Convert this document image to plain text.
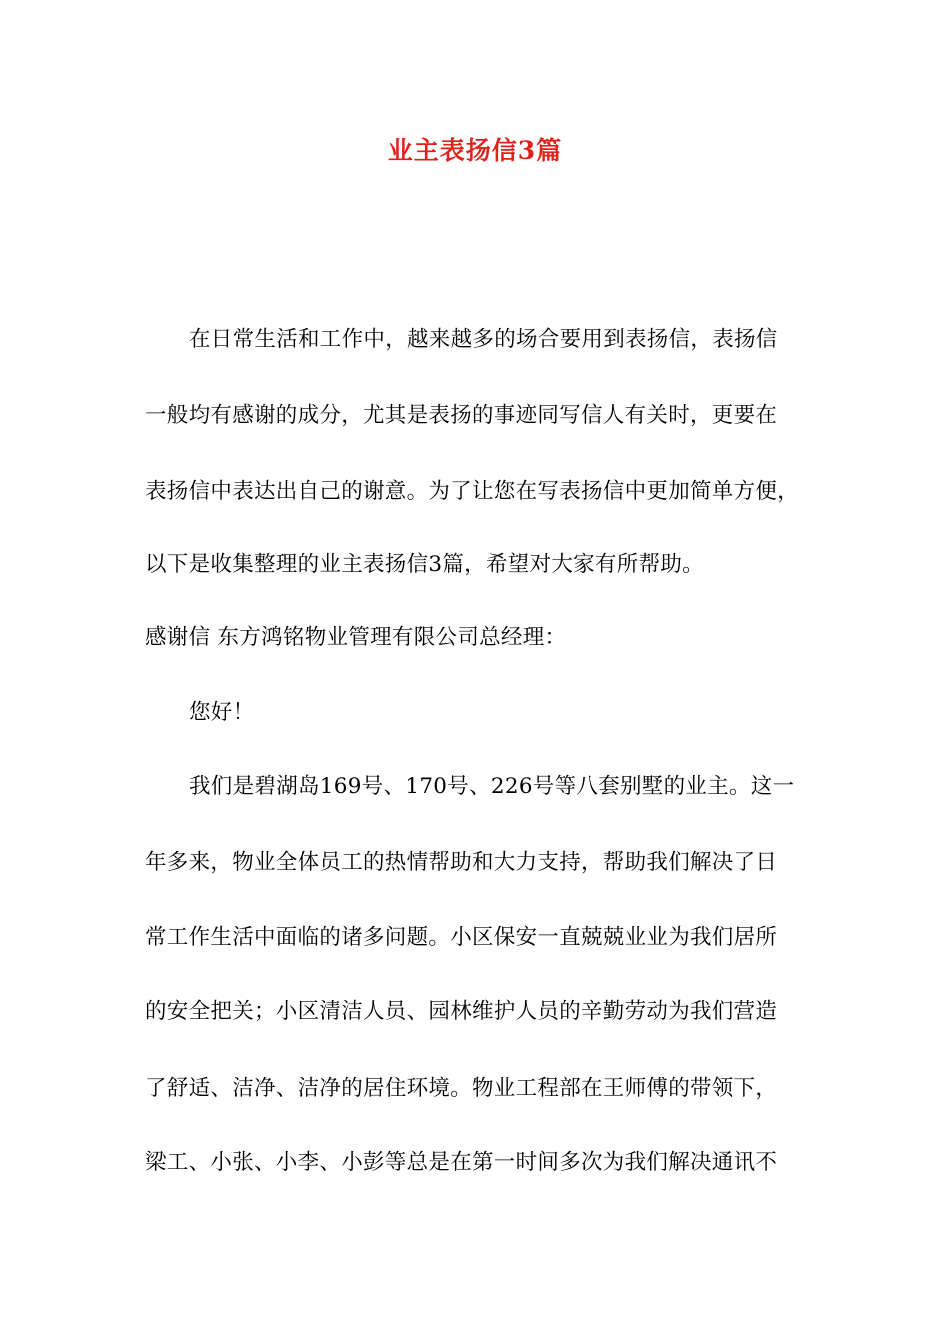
业主表扬信3篇
在日常生活和工作中，越来越多的场合要用到表扬信，表扬信
一般均有感谢的成分，尤其是表扬的事迹同写信人有关时，更要在
表扬信中表达出自己的谢意。为了让您在写表扬信中更加简单方便，
以下是收集整理的业主表扬信3篇，希望对大家有所帮助。
感谢信 东方鸿铭物业管理有限公司总经理：
您好！
我们是碧湖岛169号、170号、226号等八套别墅的业主。这一
年多来，物业全体员工的热情帮助和大力支持，帮助我们解决了日
常工作生活中面临的诸多问题。小区保安一直兢兢业业为我们居所
的安全把关；小区清洁人员、园林维护人员的辛勤劳动为我们营造
了舒适、洁净、洁净的居住环境。物业工程部在王师傅的带领下，
梁工、小张、小李、小彭等总是在第一时间多次为我们解决通讯不
